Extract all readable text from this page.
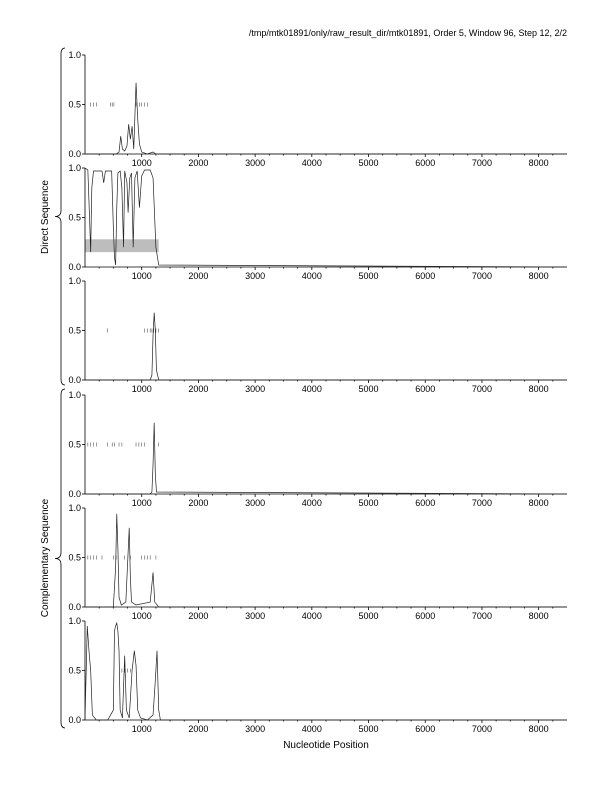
/tmp/mtk01891/only/raw_result_dir/mtk01891, Order 5, Window 96, Step 12, 2/2
Direct Sequence
Complementary Sequence
0.0
0.5
1.0
1000	2000	3000	4000	5000	6000	7000	8000
0.0
0.5
1.0
1000	2000	3000	4000	5000	6000	7000	8000
0.0
0.5
1.0
1000	2000	3000	4000	5000	6000	7000	8000
0.0
0.5
1.0
1000	2000	3000	4000	5000	6000	7000	8000
0.0
0.5
1.0
1000	2000	3000	4000	5000	6000	7000	8000
0.0
0.5
1.0
1000	2000	3000	4000	5000	6000	7000	8000
Nucleotide Position
